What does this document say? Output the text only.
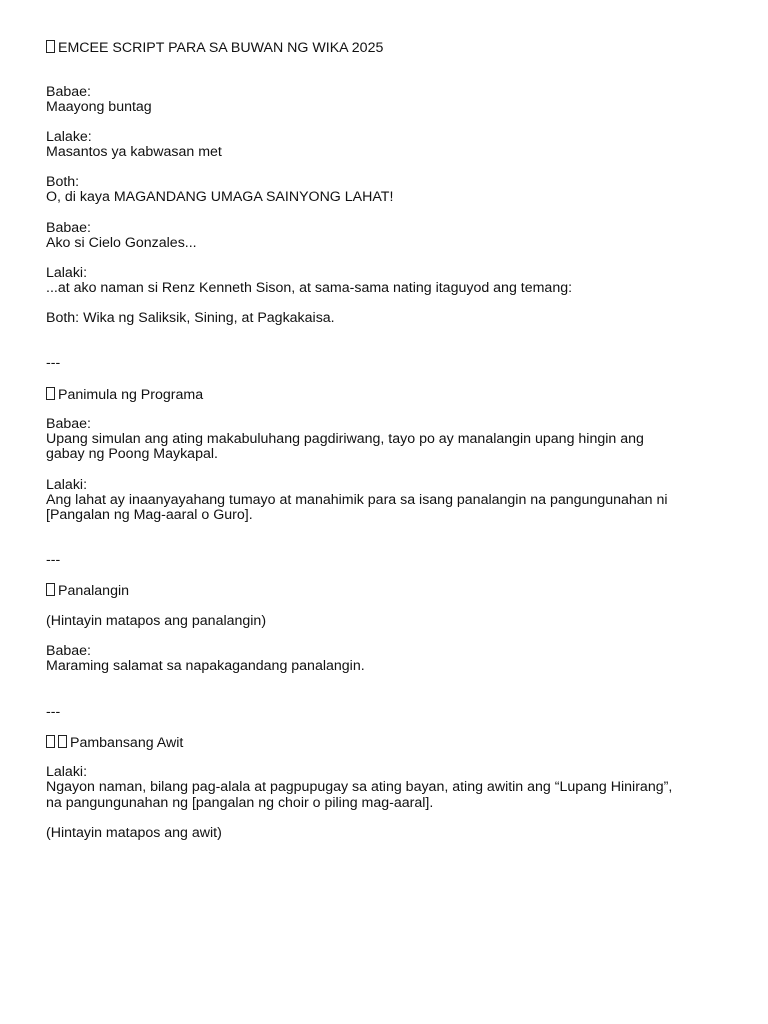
EMCEE SCRIPT PARA SA BUWAN NG WIKA 2025
Babae:
Maayong buntag
Lalake:
Masantos ya kabwasan met
Both:
O, di kaya MAGANDANG UMAGA SAINYONG LAHAT!
Babae:
Ako si Cielo Gonzales...
Lalaki:
...at ako naman si Renz Kenneth Sison, at sama-sama nating itaguyod ang temang:
Both: Wika ng Saliksik, Sining, at Pagkakaisa.
---
Panimula ng Programa
Babae:
Upang simulan ang ating makabuluhang pagdiriwang, tayo po ay manalangin upang hingin ang
gabay ng Poong Maykapal.
Lalaki:
Ang lahat ay inaanyayahang tumayo at manahimik para sa isang panalangin na pangungunahan ni
[Pangalan ng Mag-aaral o Guro].
---
Panalangin
(Hintayin matapos ang panalangin)
Babae:
Maraming salamat sa napakagandang panalangin.
---
Pambansang Awit
Lalaki:
Ngayon naman, bilang pag-alala at pagpupugay sa ating bayan, ating awitin ang “Lupang Hinirang”,
na pangungunahan ng [pangalan ng choir o piling mag-aaral].
(Hintayin matapos ang awit)
